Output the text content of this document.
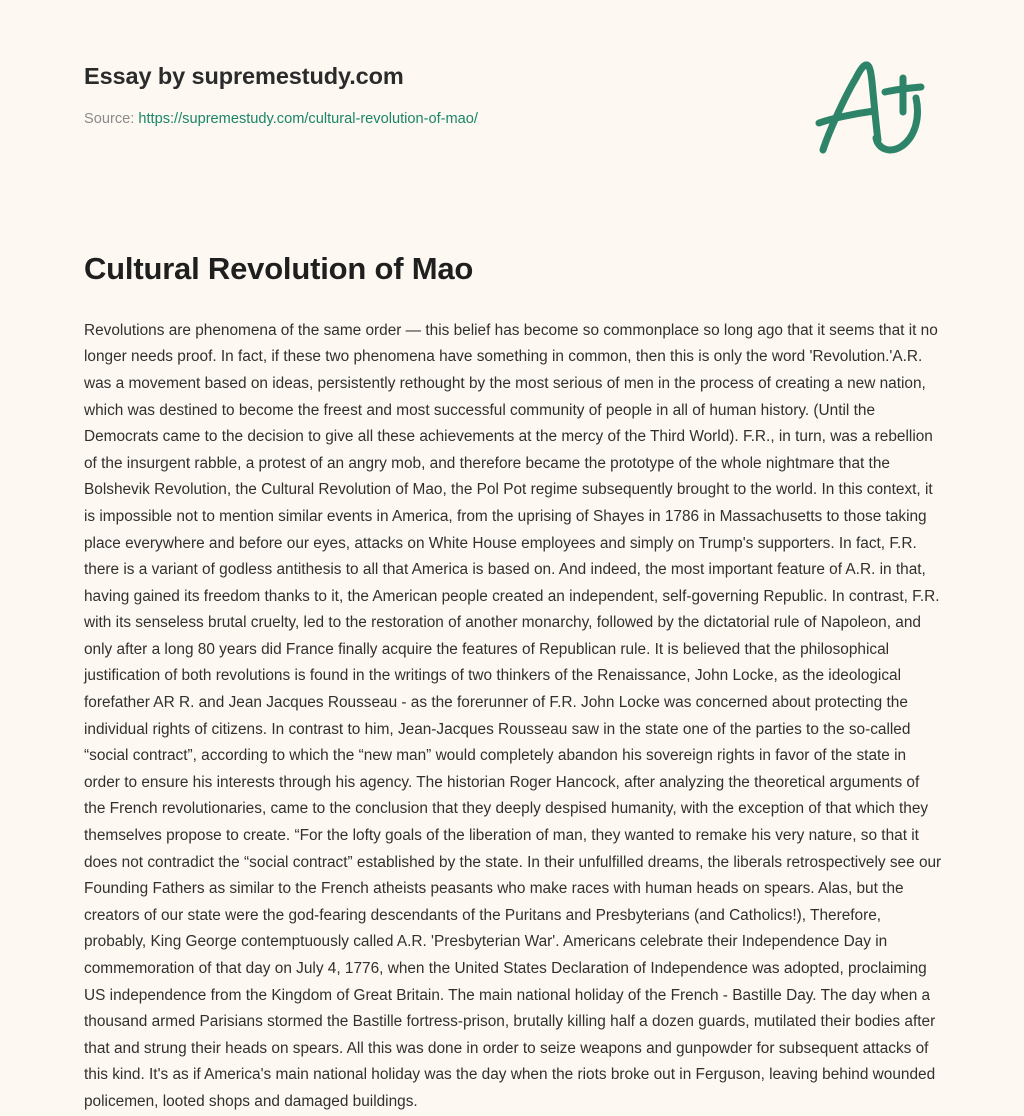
Essay by supremestudy.com
Source: https://supremestudy.com/cultural-revolution-of-mao/
Cultural Revolution of Mao

Revolutions are phenomena of the same order — this belief has become so commonplace so long ago that it seems that it no longer needs proof. In fact, if these two phenomena have something in common, then this is only the word 'Revolution.'A.R. was a movement based on ideas, persistently rethought by the most serious of men in the process of creating a new nation, which was destined to become the freest and most successful community of people in all of human history. (Until the Democrats came to the decision to give all these achievements at the mercy of the Third World). F.R., in turn, was a rebellion of the insurgent rabble, a protest of an angry mob, and therefore became the prototype of the whole nightmare that the Bolshevik Revolution, the Cultural Revolution of Mao, the Pol Pot regime subsequently brought to the world. In this context, it is impossible not to mention similar events in America, from the uprising of Shayes in 1786 in Massachusetts to those taking place everywhere and before our eyes, attacks on White House employees and simply on Trump's supporters. In fact, F.R. there is a variant of godless antithesis to all that America is based on. And indeed, the most important feature of A.R. in that, having gained its freedom thanks to it, the American people created an independent, self-governing Republic. In contrast, F.R. with its senseless brutal cruelty, led to the restoration of another monarchy, followed by the dictatorial rule of Napoleon, and only after a long 80 years did France finally acquire the features of Republican rule. It is believed that the philosophical justification of both revolutions is found in the writings of two thinkers of the Renaissance, John Locke, as the ideological forefather AR R. and Jean Jacques Rousseau - as the forerunner of F.R. John Locke was concerned about protecting the individual rights of citizens. In contrast to him, Jean-Jacques Rousseau saw in the state one of the parties to the so-called “social contract”, according to which the “new man” would completely abandon his sovereign rights in favor of the state in order to ensure his interests through his agency. The historian Roger Hancock, after analyzing the theoretical arguments of the French revolutionaries, came to the conclusion that they deeply despised humanity, with the exception of that which they themselves propose to create. “For the lofty goals of the liberation of man, they wanted to remake his very nature, so that it does not contradict the “social contract” established by the state. In their unfulfilled dreams, the liberals retrospectively see our Founding Fathers as similar to the French atheists peasants who make races with human heads on spears. Alas, but the creators of our state were the god-fearing descendants of the Puritans and Presbyterians (and Catholics!), Therefore, probably, King George contemptuously called A.R. 'Presbyterian War'. Americans celebrate their Independence Day in commemoration of that day on July 4, 1776, when the United States Declaration of Independence was adopted, proclaiming US independence from the Kingdom of Great Britain. The main national holiday of the French - Bastille Day. The day when a thousand armed Parisians stormed the Bastille fortress-prison, brutally killing half a dozen guards, mutilated their bodies after that and strung their heads on spears. All this was done in order to seize weapons and gunpowder for subsequent attacks of this kind. It's as if America's main national holiday was the day when the riots broke out in Ferguson, leaving behind wounded policemen, looted shops and damaged buildings.
